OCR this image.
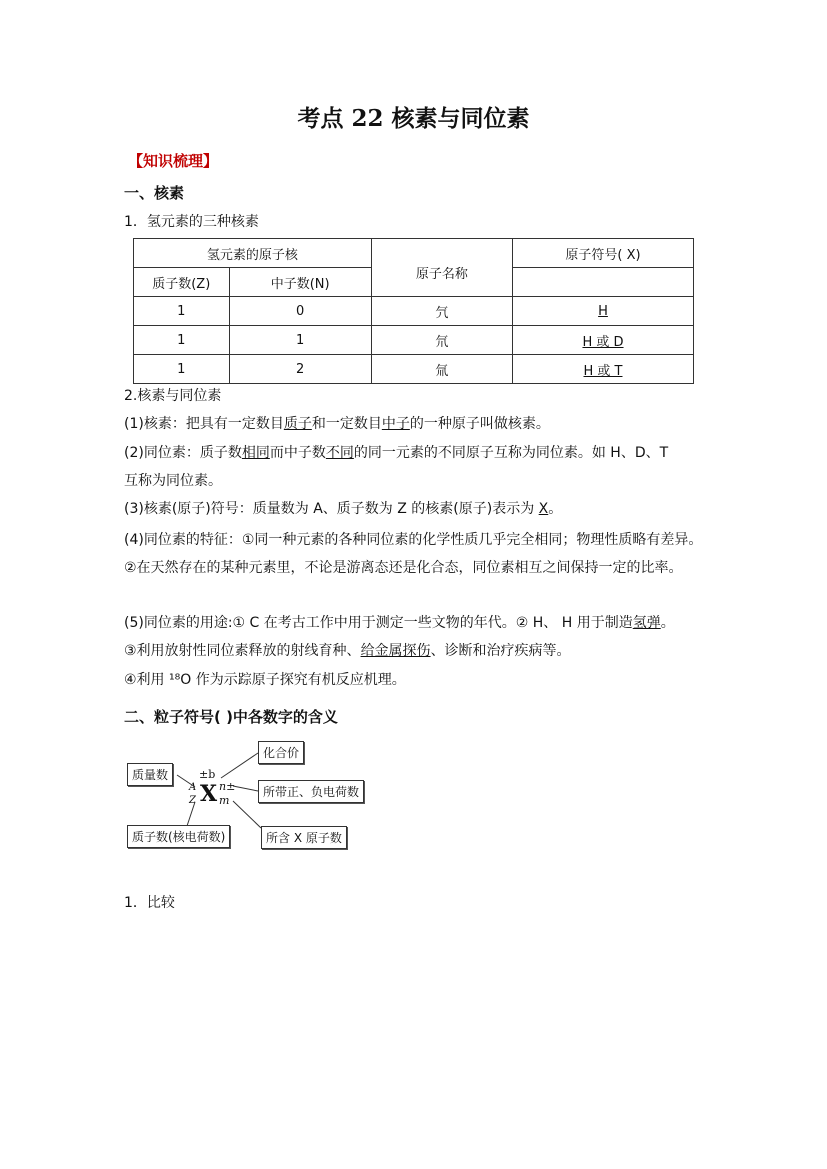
考点 22 核素与同位素
【知识梳理】
一、核素
1．氢元素的三种核素
氢元素的原子核		原子名称	原子符号( X)
质子数(Z)	中子数(N)		
1	0	氕	H
1	1	氘	H 或 D
1	2	氚	H 或 T
2.核素与同位素
(1)核素：把具有一定数目质子和一定数目中子的一种原子叫做核素。
(2)同位素：质子数相同而中子数不同的同一元素的不同原子互称为同位素。如 H、D、T
互称为同位素。
(3)核素(原子)符号：质量数为 A、质子数为 Z 的核素(原子)表示为 X。
(4)同位素的特征：①同一种元素的各种同位素的化学性质几乎完全相同；物理性质略有差异。②在天然存在的某种元素里，不论是游离态还是化合态，同位素相互之间保持一定的比率。
(5)同位素的用途:① C 在考古工作中用于测定一些文物的年代。② H、 H 用于制造氢弹。
③利用放射性同位素释放的射线育种、给金属探伤、诊断和治疗疾病等。
④利用 ¹⁸O 作为示踪原子探究有机反应机理。
二、粒子符号( )中各数字的含义
质量数
质子数(核电荷数)
化合价
所带正、负电荷数
所含 X 原子数
±b
A
Z X n±
m
1．比较
